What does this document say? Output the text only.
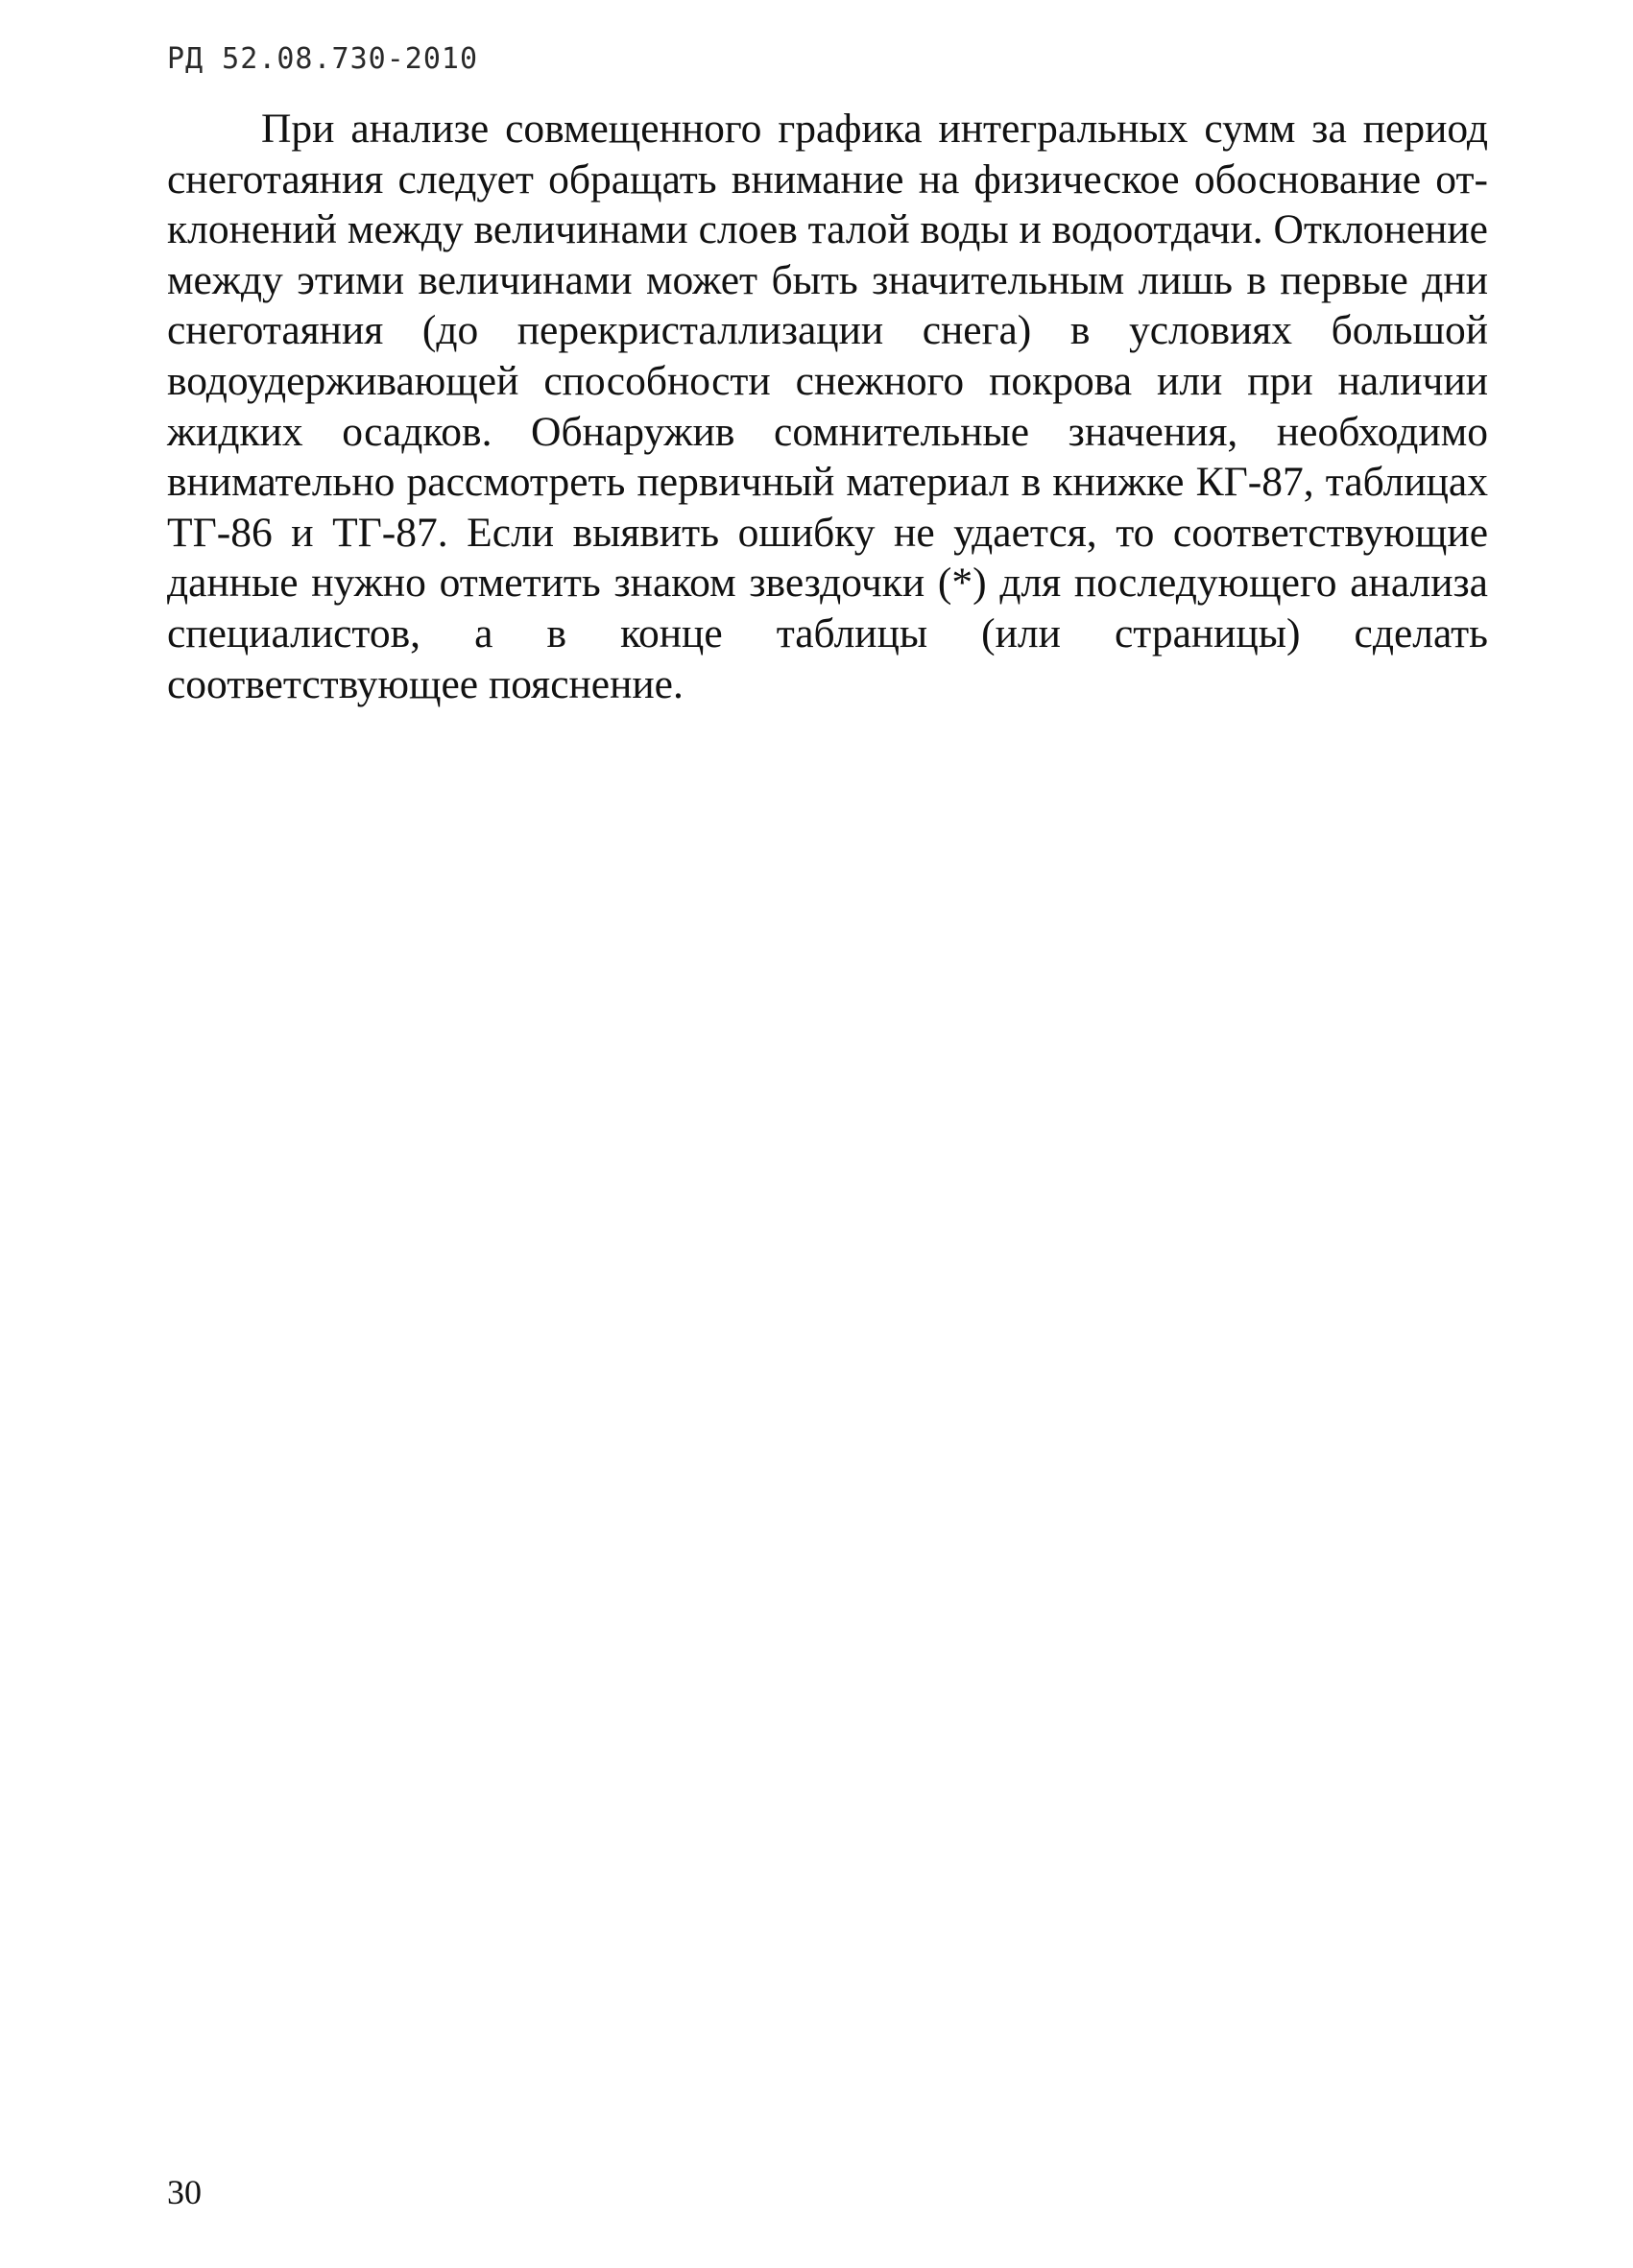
РД 52.08.730-2010

При анализе совмещенного графика интегральных сумм за период снеготаяния следует обращать внимание на физическое обоснование отклонений между величинами слоев талой воды и водоотдачи. Отклонение между этими величинами может быть значительным лишь в первые дни снеготаяния (до перекристаллизации снега) в условиях большой водоудерживающей способности снежного покрова или при наличии жидких осадков. Обнаружив сомнительные значения, необходимо внимательно рассмотреть первичный материал в книжке КГ-87, таблицах ТГ-86 и ТГ-87. Если выявить ошибку не удается, то соответствующие данные нужно отметить знаком звездочки (*) для последующего анализа специалистов, а в конце таблицы (или страницы) сделать соответствующее пояснение.

30
